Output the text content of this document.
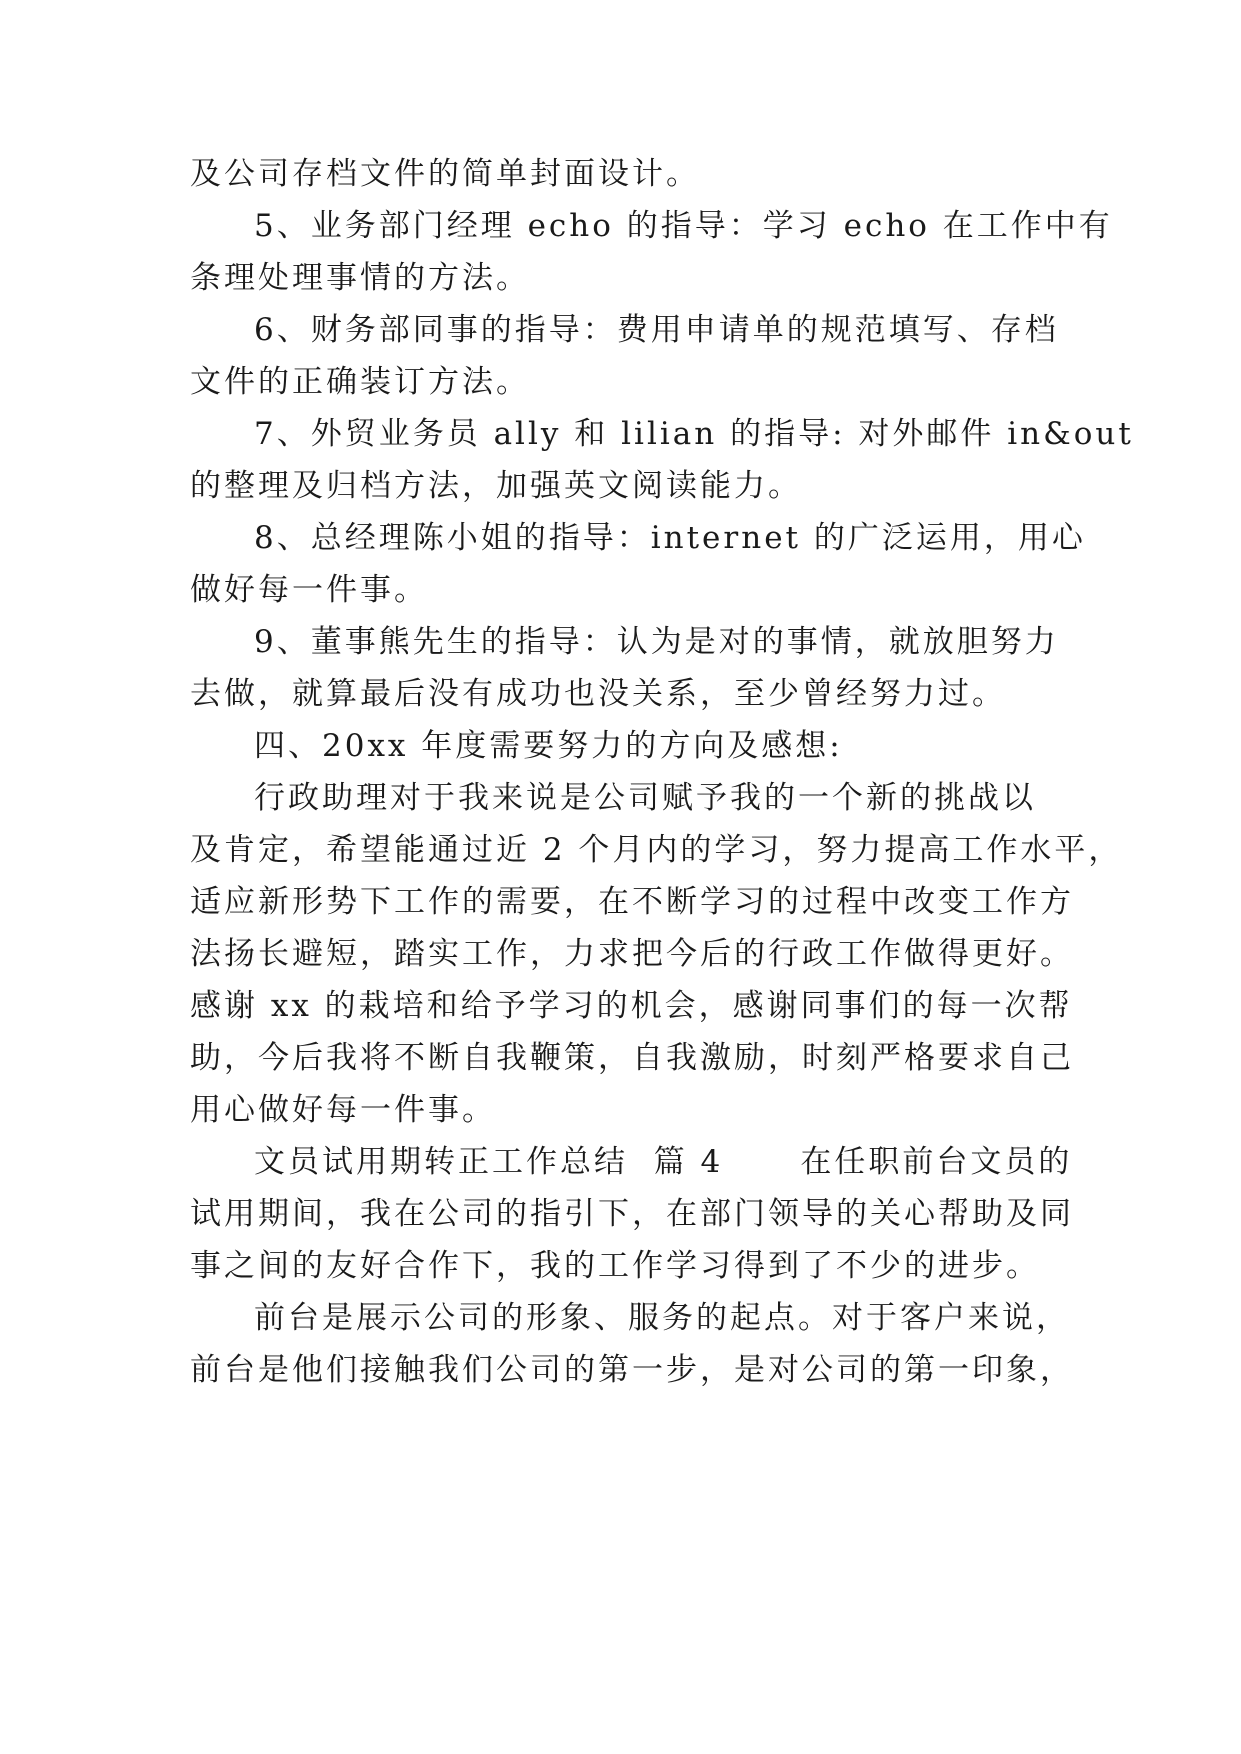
及公司存档文件的简单封面设计。
5、业务部门经理 echo 的指导：学习 echo 在工作中有
条理处理事情的方法。
6、财务部同事的指导：费用申请单的规范填写、存档
文件的正确装订方法。
7、外贸业务员 ally 和 lilian 的指导: 对外邮件 in&out
的整理及归档方法，加强英文阅读能力。
8、总经理陈小姐的指导：internet 的广泛运用，用心
做好每一件事。
9、董事熊先生的指导：认为是对的事情，就放胆努力
去做，就算最后没有成功也没关系，至少曾经努力过。
四、20xx 年度需要努力的方向及感想:
行政助理对于我来说是公司赋予我的一个新的挑战以
及肯定，希望能通过近 2 个月内的学习，努力提高工作水平，
适应新形势下工作的需要，在不断学习的过程中改变工作方
法扬长避短，踏实工作，力求把今后的行政工作做得更好。
感谢 xx 的栽培和给予学习的机会，感谢同事们的每一次帮
助，今后我将不断自我鞭策，自我激励，时刻严格要求自己
用心做好每一件事。
文员试用期转正工作总结  篇 4      在任职前台文员的
试用期间，我在公司的指引下，在部门领导的关心帮助及同
事之间的友好合作下，我的工作学习得到了不少的进步。
前台是展示公司的形象、服务的起点。对于客户来说，
前台是他们接触我们公司的第一步，是对公司的第一印象，
